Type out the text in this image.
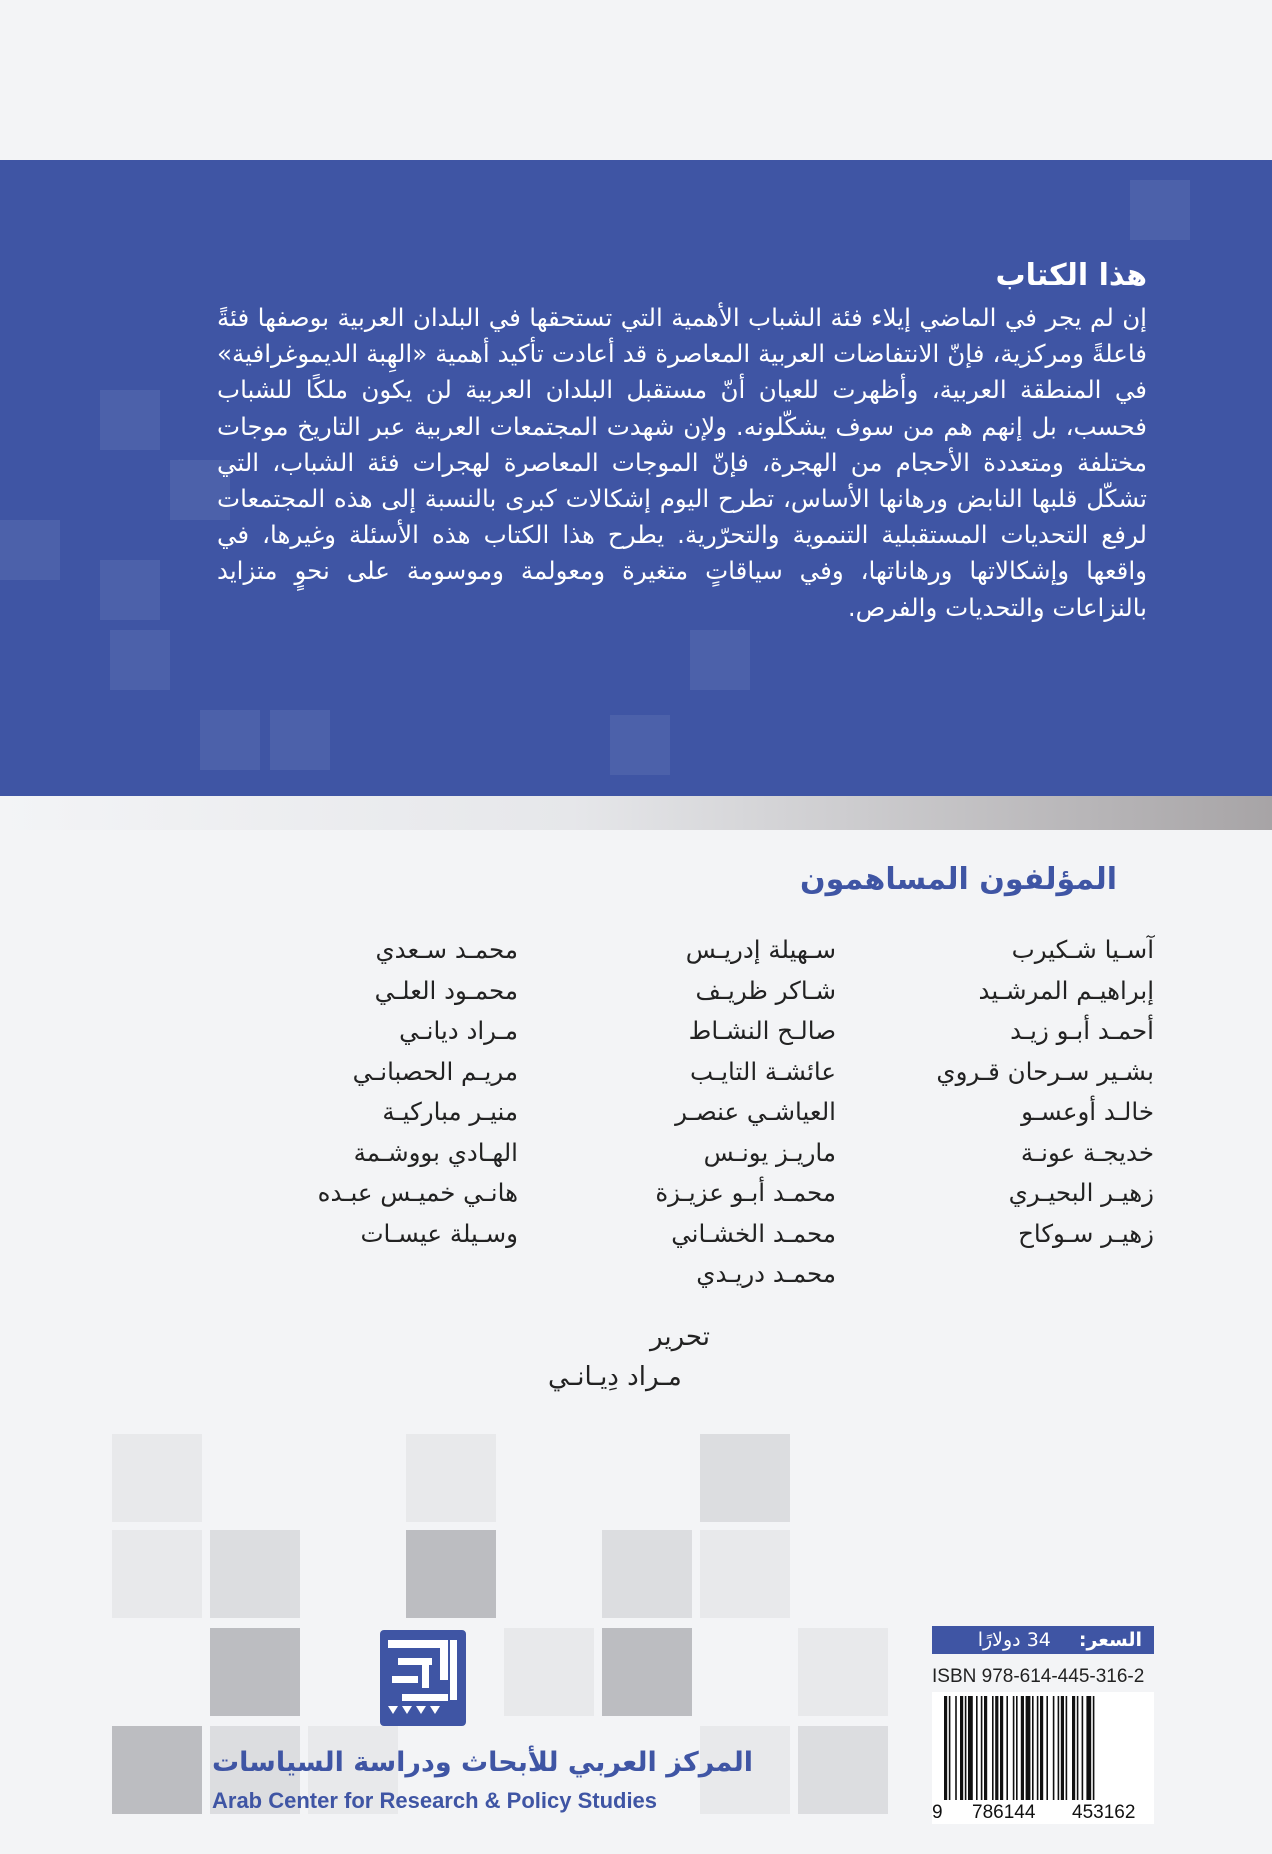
هذا الكتاب
إن لم يجر في الماضي إيلاء فئة الشباب الأهمية التي تستحقها في البلدان العربية بوصفها فئةً فاعلةً ومركزية، فإنّ الانتفاضات العربية المعاصرة قد أعادت تأكيد أهمية «الهِبة الديموغرافية» في المنطقة العربية، وأظهرت للعيان أنّ مستقبل البلدان العربية لن يكون ملكًا للشباب فحسب، بل إنهم هم من سوف يشكّلونه. ولإن شهدت المجتمعات العربية عبر التاريخ موجات مختلفة ومتعددة الأحجام من الهجرة، فإنّ الموجات المعاصرة لهجرات فئة الشباب، التي تشكّل قلبها النابض ورهانها الأساس، تطرح اليوم إشكالات كبرى بالنسبة إلى هذه المجتمعات لرفع التحديات المستقبلية التنموية والتحرّرية. يطرح هذا الكتاب هذه الأسئلة وغيرها، في واقعها وإشكالاتها ورهاناتها، وفي سياقاتٍ متغيرة ومعولمة وموسومة على نحوٍ متزايد بالنزاعات والتحديات والفرص.
المؤلفون المساهمون
آسـيا شـكيرب
إبراهيـم المرشـيد
أحمـد أبـو زيـد
بشـير سـرحان قـروي
خالـد أوعسـو
خديجـة عونـة
زهيـر البحيـري
زهيـر سـوكاح
سـهيلة إدريـس
شـاكر ظريـف
صالـح النشـاط
عائشـة التايـب
العياشـي عنصـر
ماريـز يونـس
محمـد أبـو عزيـزة
محمـد الخشـاني
محمـد دريـدي
محمـد سـعدي
محمـود العلـي
مـراد ديانـي
مريـم الحصبانـي
منيـر مباركيـة
الهـادي بووشـمة
هانـي خميـس عبـده
وسـيلة عيسـات
تحرير
مـراد دِيـانـي
المركز العربي للأبحاث ودراسة السياسات
Arab Center for Research & Policy Studies
السعر:
34 دولارًا
ISBN 978-614-445-316-2
9 786144 453162
